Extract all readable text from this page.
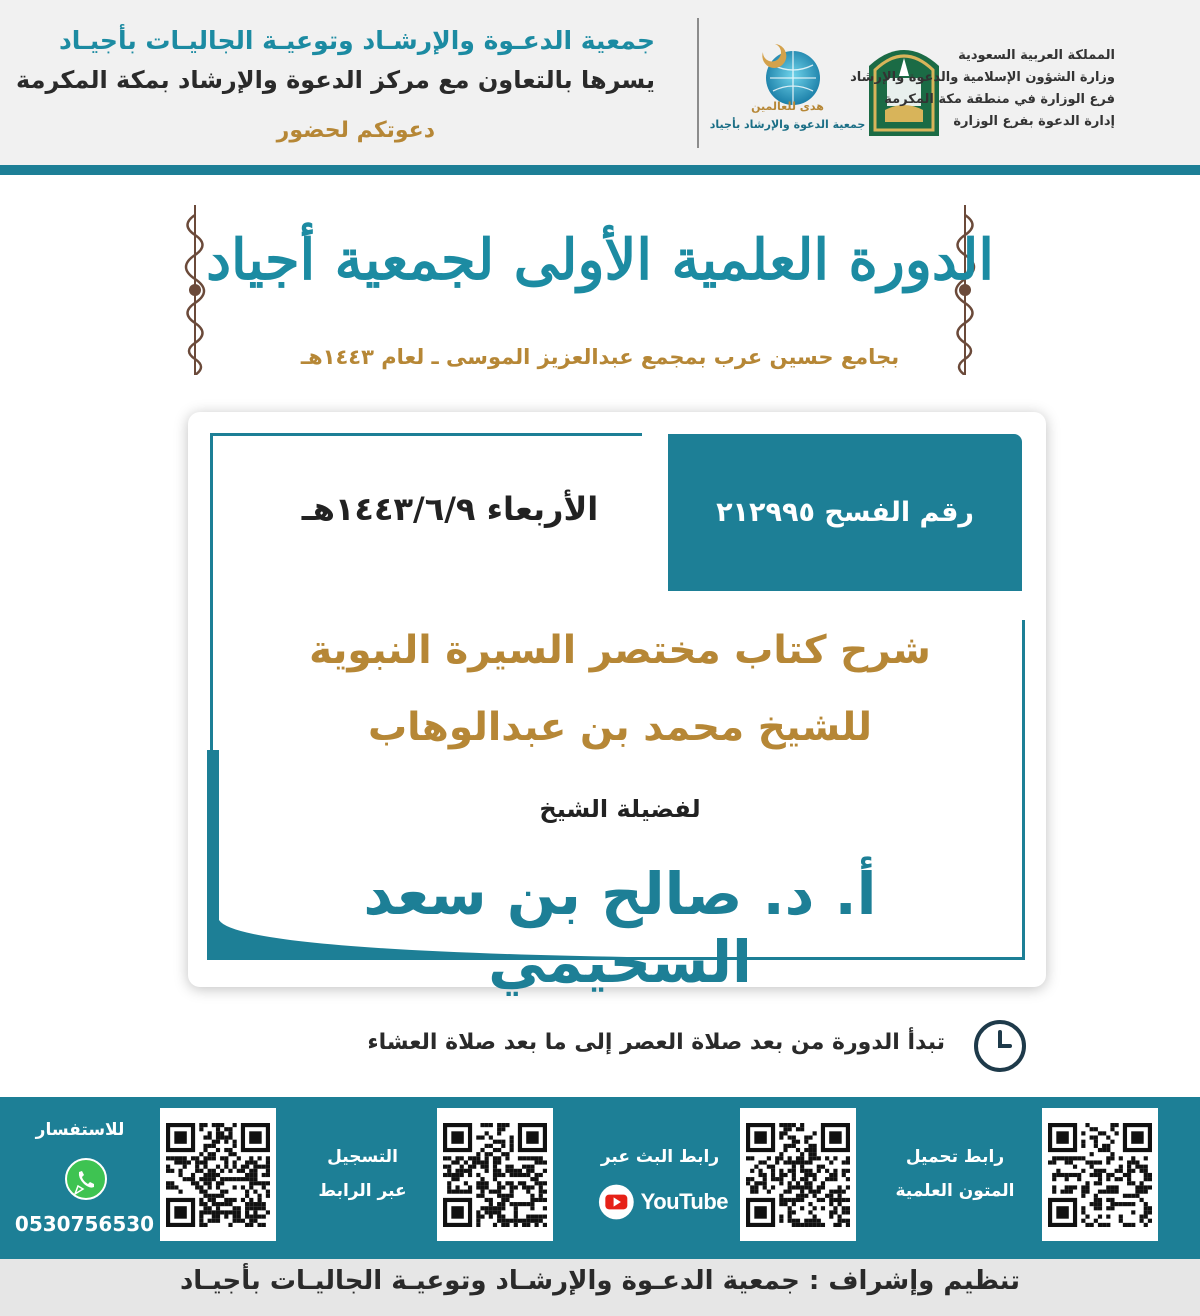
جمعية الدعـوة والإرشـاد وتوعيـة الجاليـات بأجيـاد
يسرها بالتعاون مع مركز الدعوة والإرشاد بمكة المكرمة
دعوتكم لحضور
هدى للعالمين
جمعية الدعوة والإرشاد بأجياد
المملكة العربية السعودية
وزارة الشؤون الإسلامية والدعوة والإرشاد
فرع الوزارة في منطقة مكة المكرمة
إدارة الدعوة بفرع الوزارة
الدورة العلمية الأولى لجمعية أجياد
بجامع حسين عرب بمجمع عبدالعزيز الموسى ـ لعام ١٤٤٣هـ
رقم الفسح ٢١٢٩٩٥
الأربعاء ١٤٤٣/٦/٩هـ
شرح كتاب مختصر السيرة النبوية
للشيخ محمد بن عبدالوهاب
لفضيلة الشيخ
أ. د. صالح بن سعد السحيمي
تبدأ الدورة من بعد صلاة العصر إلى ما بعد صلاة العشاء
رابط تحميل
المتون العلمية
رابط البث عبر
YouTube
التسجيل
عبر الرابط
للاستفسار
0530756530
تنظيم وإشراف : جمعية الدعـوة والإرشـاد وتوعيـة الجاليـات بأجيـاد
